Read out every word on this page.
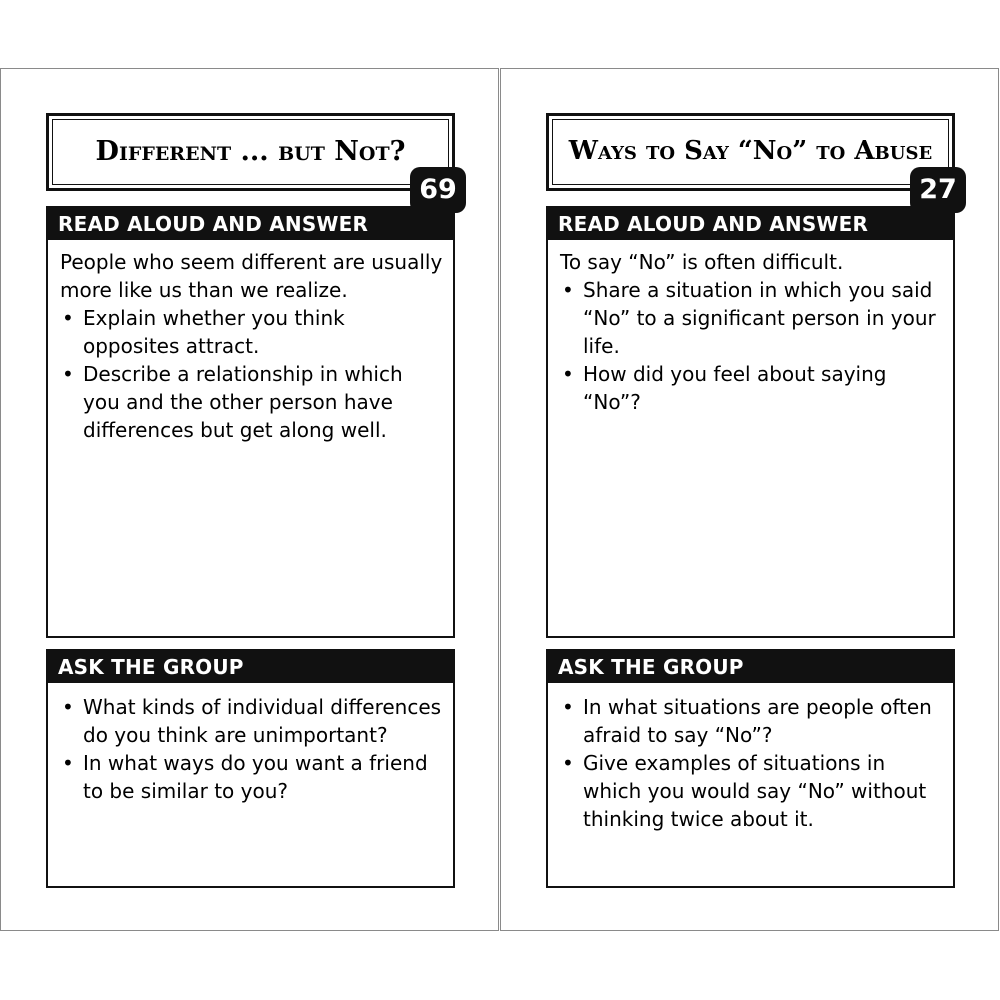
Different ... but Not?
69
READ ALOUD AND ANSWER

People who seem different are usually more like us than we realize.

• Explain whether you think opposites attract.
• Describe a relationship in which you and the other person have differences but get along well.
ASK THE GROUP
• What kinds of individual differences do you think are unimportant?
• In what ways do you want a friend to be similar to you?
Ways to Say “No” to Abuse
27
READ ALOUD AND ANSWER

To say “No” is often difficult.

• Share a situation in which you said “No” to a significant person in your life.
• How did you feel about saying “No”?
ASK THE GROUP
• In what situations are people often afraid to say “No”?
• Give examples of situations in which you would say “No” without thinking twice about it.
